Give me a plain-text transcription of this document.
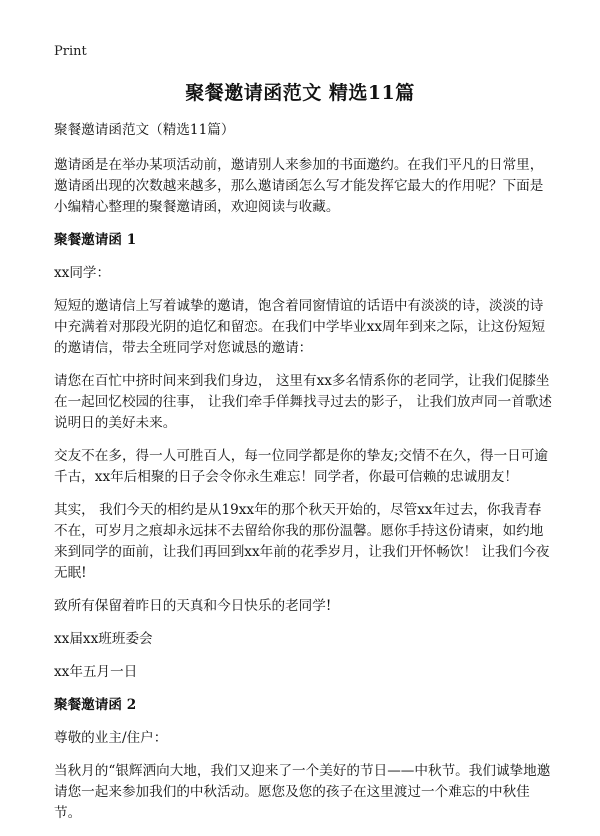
Print
聚餐邀请函范文 精选11篇

聚餐邀请函范文（精选11篇）

邀请函是在举办某项活动前，邀请别人来参加的书面邀约。在我们平凡的日常里，邀请函出现的次数越来越多，那么邀请函怎么写才能发挥它最大的作用呢？下面是小编精心整理的聚餐邀请函，欢迎阅读与收藏。

聚餐邀请函 1

xx同学：

短短的邀请信上写着诚挚的邀请，饱含着同窗情谊的话语中有淡淡的诗，淡淡的诗中充满着对那段光阴的追忆和留恋。在我们中学毕业xx周年到来之际，让这份短短的邀请信，带去全班同学对您诚恳的邀请：

请您在百忙中挤时间来到我们身边， 这里有xx多名情系你的老同学，让我们促膝坐在一起回忆校园的往事， 让我们牵手佯舞找寻过去的影子， 让我们放声同一首歌述说明日的美好未来。

交友不在多，得一人可胜百人，每一位同学都是你的挚友;交情不在久，得一日可逾千古，xx年后相聚的日子会令你永生难忘！同学者，你最可信赖的忠诚朋友！

其实， 我们今天的相约是从19xx年的那个秋天开始的，尽管xx年过去，你我青春不在，可岁月之痕却永远抹不去留给你我的那份温馨。愿你手持这份请柬，如约地来到同学的面前，让我们再回到xx年前的花季岁月，让我们开怀畅饮！ 让我们今夜无眠!

致所有保留着昨日的天真和今日快乐的老同学!

xx届xx班班委会

xx年五月一日

聚餐邀请函 2

尊敬的业主/住户：

当秋月的“银辉洒向大地，我们又迎来了一个美好的节日——中秋节。我们诚挚地邀请您一起来参加我们的中秋活动。愿您及您的孩子在这里渡过一个难忘的中秋佳节。
